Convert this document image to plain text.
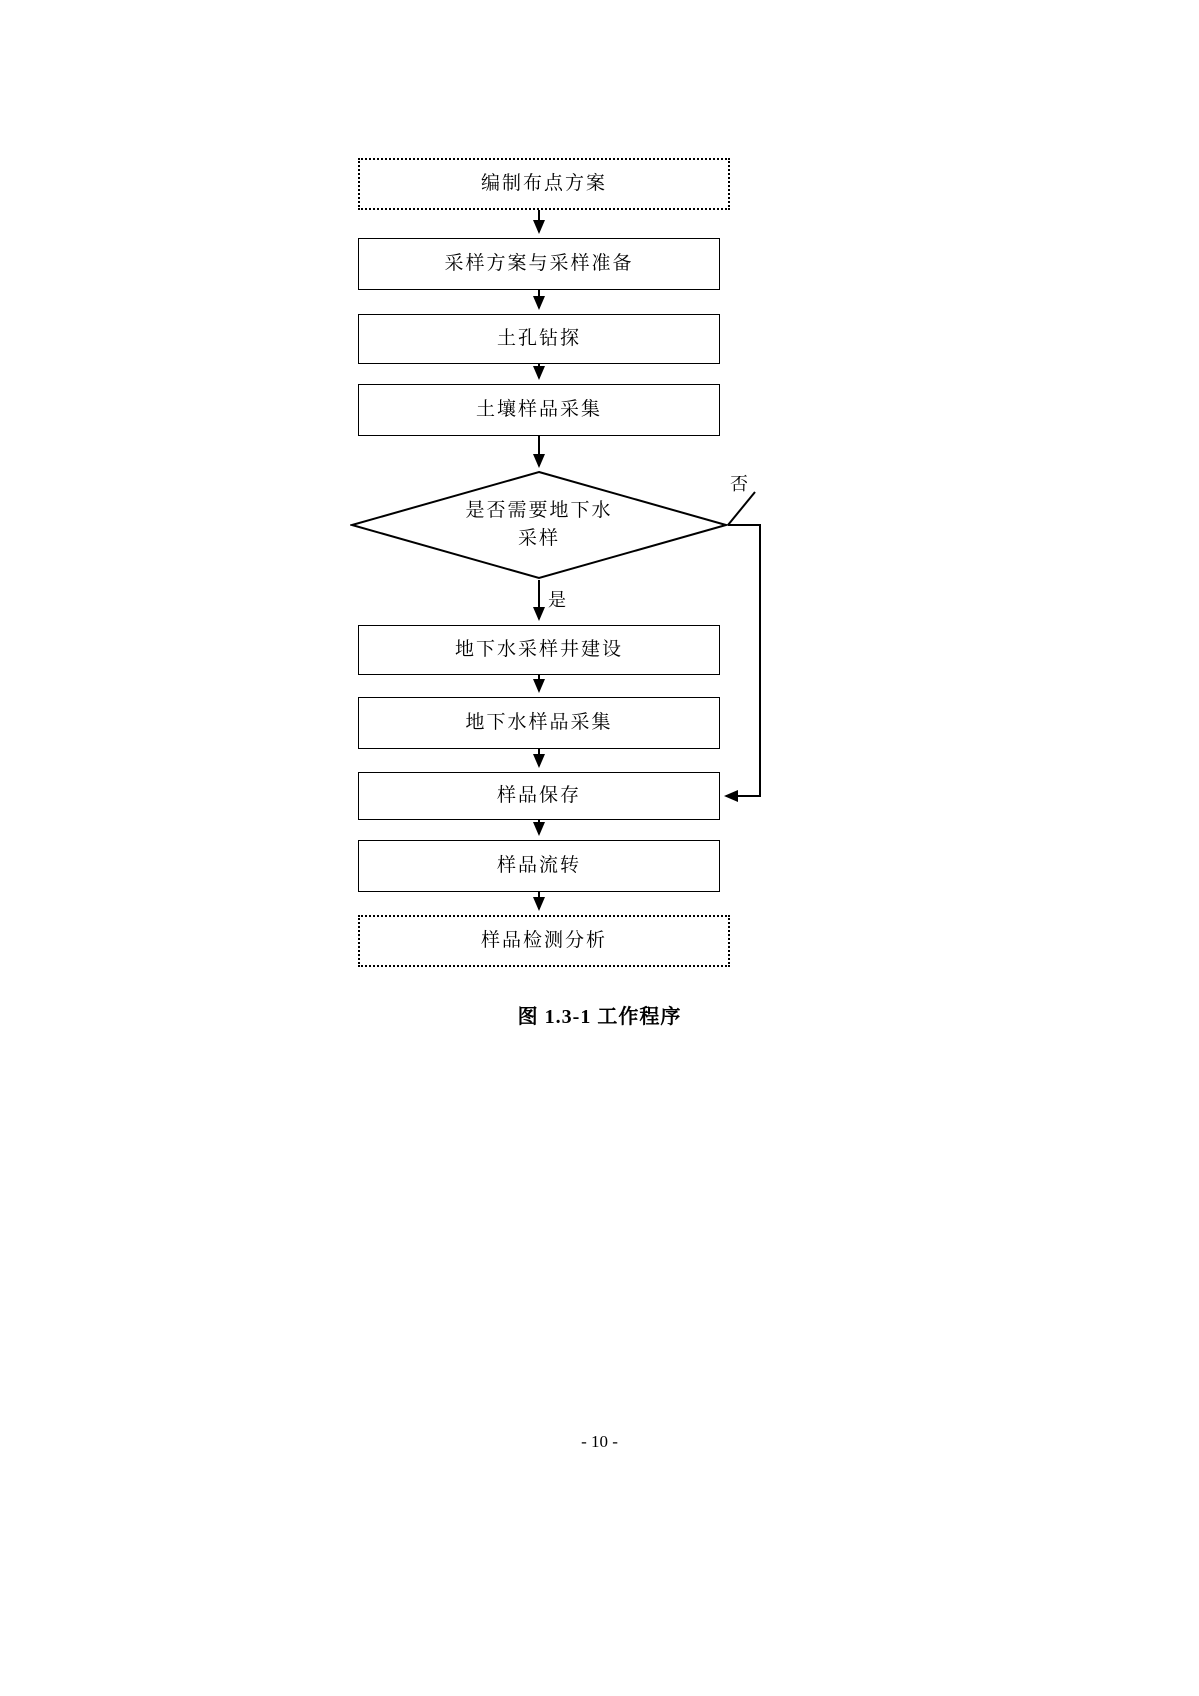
编制布点方案
采样方案与采样准备
土孔钻探
土壤样品采集
是否需要地下水
采样
是
否
地下水采样井建设
地下水样品采集
样品保存
样品流转
样品检测分析
图 1.3-1 工作程序
- 10 -
